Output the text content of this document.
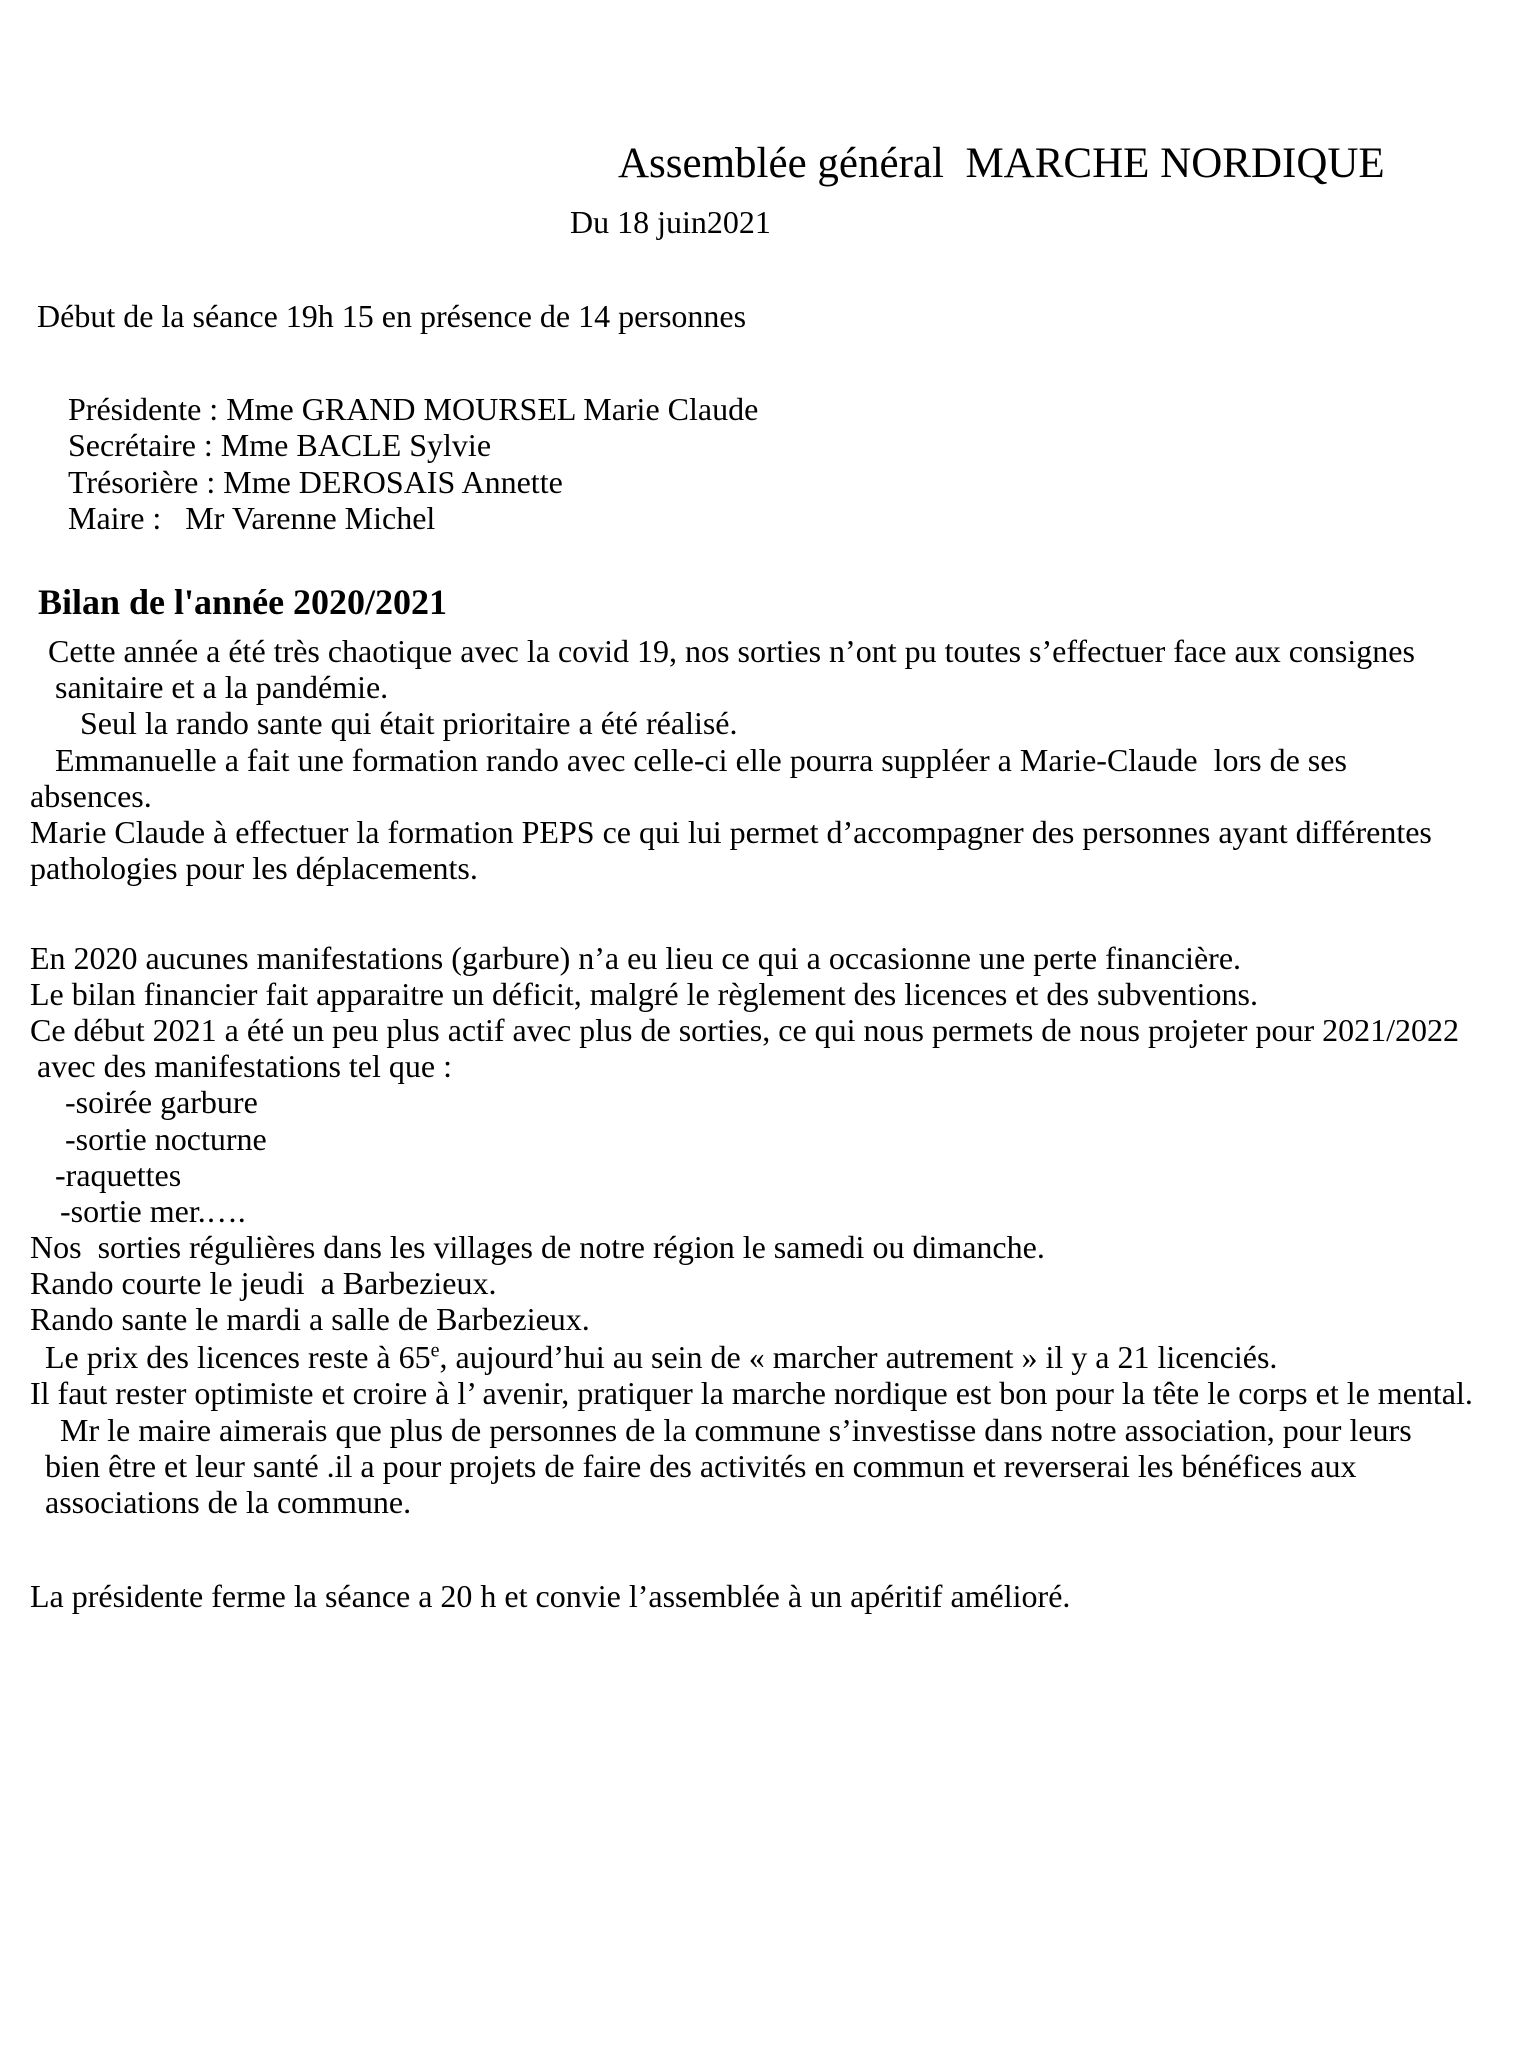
Assemblée général  MARCHE NORDIQUE
Du 18 juin2021
Début de la séance 19h 15 en présence de 14 personnes
Présidente : Mme GRAND MOURSEL Marie Claude
Secrétaire : Mme BACLE Sylvie
Trésorière : Mme DEROSAIS Annette
Maire :   Mr Varenne Michel
Bilan de l'année 2020/2021
Cette année a été très chaotique avec la covid 19, nos sorties n’ont pu toutes s’effectuer face aux consignes
sanitaire et a la pandémie.
Seul la rando sante qui était prioritaire a été réalisé.
Emmanuelle a fait une formation rando avec celle-ci elle pourra suppléer a Marie-Claude  lors de ses
absences.
Marie Claude à effectuer la formation PEPS ce qui lui permet d’accompagner des personnes ayant différentes
pathologies pour les déplacements.
En 2020 aucunes manifestations (garbure) n’a eu lieu ce qui a occasionne une perte financière.
Le bilan financier fait apparaitre un déficit, malgré le règlement des licences et des subventions.
Ce début 2021 a été un peu plus actif avec plus de sorties, ce qui nous permets de nous projeter pour 2021/2022
avec des manifestations tel que :
-soirée garbure
-sortie nocturne
-raquettes
-sortie mer.….
Nos  sorties régulières dans les villages de notre région le samedi ou dimanche.
Rando courte le jeudi  a Barbezieux.
Rando sante le mardi a salle de Barbezieux.
Le prix des licences reste à 65e, aujourd’hui au sein de « marcher autrement » il y a 21 licenciés.
Il faut rester optimiste et croire à l’ avenir, pratiquer la marche nordique est bon pour la tête le corps et le mental.
Mr le maire aimerais que plus de personnes de la commune s’investisse dans notre association, pour leurs
bien être et leur santé .il a pour projets de faire des activités en commun et reverserai les bénéfices aux
associations de la commune.
La présidente ferme la séance a 20 h et convie l’assemblée à un apéritif amélioré.
